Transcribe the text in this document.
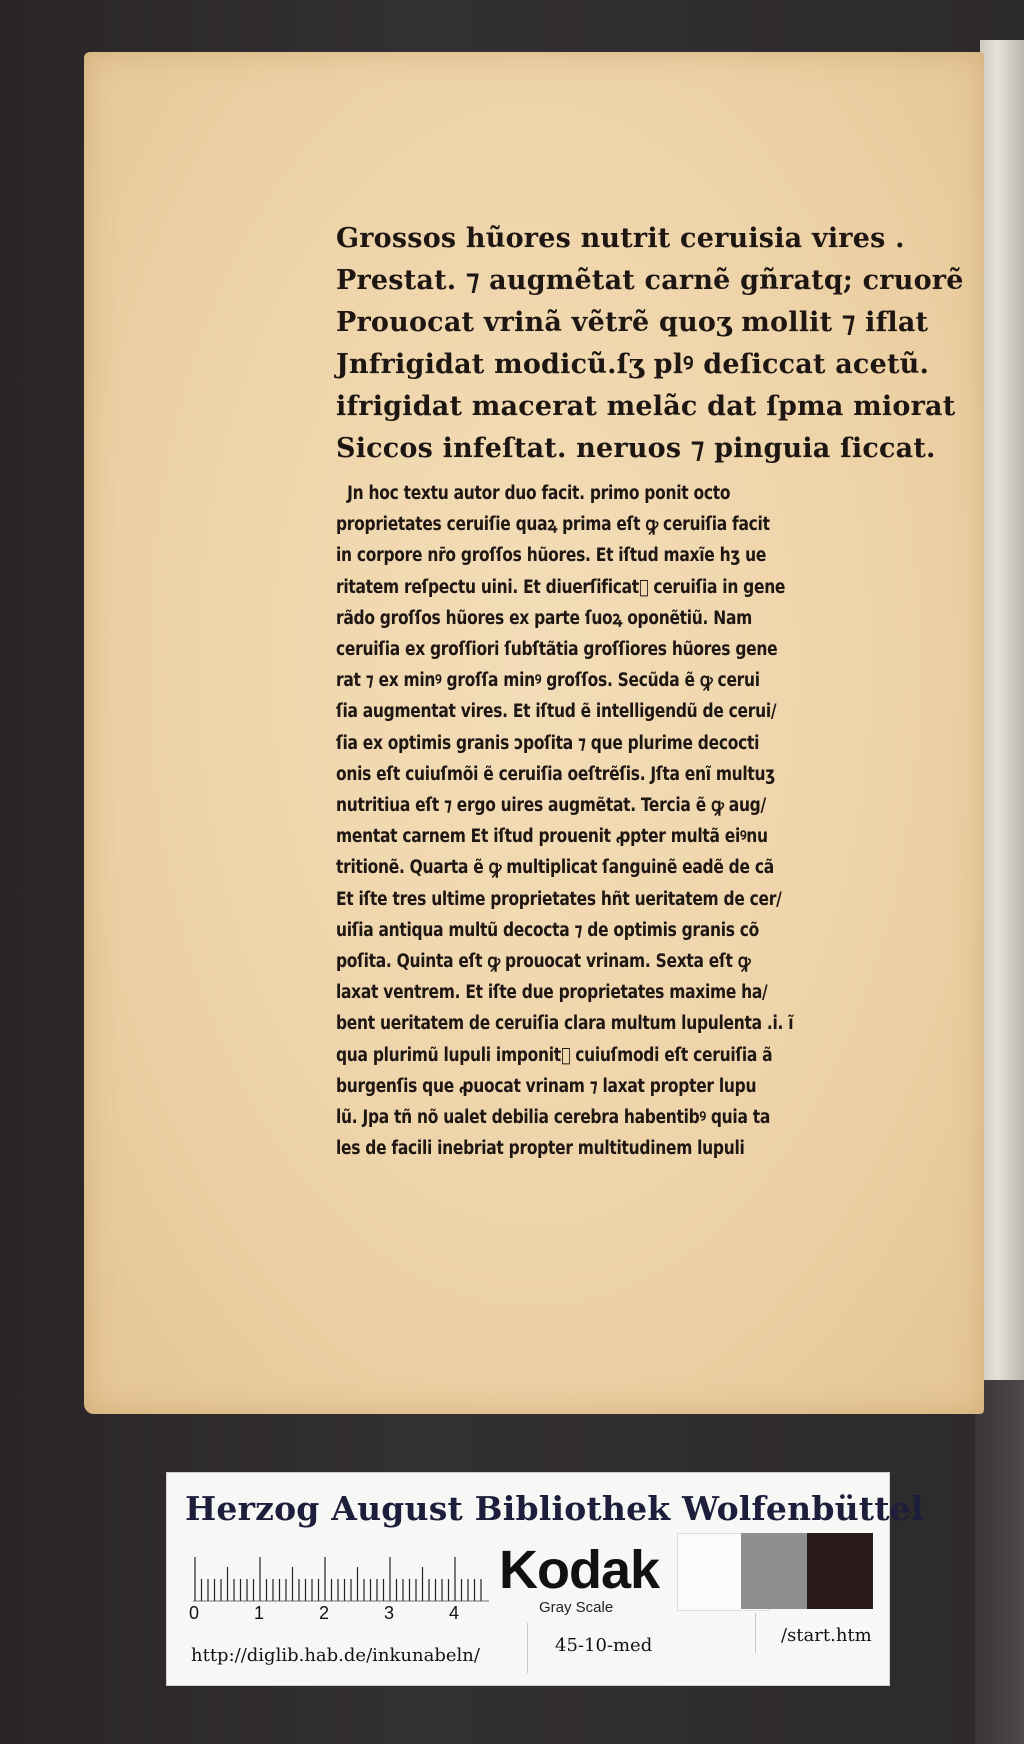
Grossos hũores nutrit ceruisia vires .

Prestat. ⁊ augmẽtat carnẽ gñratq; cruorẽ

Prouocat vrinã vẽtrẽ quoʒ mollit ⁊ iflat

Jnfrigidat modicũ.ſʒ plꝰ deſiccat acetũ.

ifrigidat macerat melãc dat ſpma miorat

Siccos infeſtat. neruos ⁊ pinguia ſiccat.

Jn hoc textu autor duo facit. primo ponit octo

proprietates ceruiſie quaꝝ prima eſt ꝙ ceruiſia facit

in corpore nr̄o groſſos hũores. Et iſtud maxĩe hʒ ue

ritatem reſpectu uini. Et diuerſificatᷣ ceruiſia in gene

rãdo groſſos hũores ex parte ſuoꝝ oponẽtiũ. Nam

ceruiſia ex groſſiori ſubſtãtia groſſiores hũores gene

rat ⁊ ex minꝰ groſſa minꝰ groſſos. Secũda ẽ ꝙ cerui

ſia augmentat vires. Et iſtud ẽ intelligendũ de cerui/

ſia ex optimis granis ɔpoſita ⁊ que plurime decocti

onis eſt cuiuſmõi ẽ ceruiſia oeſtrẽſis. Jſta enĩ multuʒ

nutritiua eſt ⁊ ergo uires augmẽtat. Tercia ẽ ꝙ aug/

mentat carnem Et iſtud prouenit ꝓpter multã eiꝰnu

tritionẽ. Quarta ẽ ꝙ multiplicat ſanguinẽ eadẽ de cã

Et iſte tres ultime proprietates hñt ueritatem de cer/

uiſia antiqua multũ decocta ⁊ de optimis granis cõ

poſita. Quinta eſt ꝙ prouocat vrinam. Sexta eſt ꝙ

laxat ventrem. Et iſte due proprietates maxime ha/

bent ueritatem de ceruiſia clara multum lupulenta .i. ĩ

qua plurimũ lupuli imponitᷣ cuiuſmodi eſt ceruiſia ã

burgenſis que ꝓuocat vrinam ⁊ laxat propter lupu

lũ. Jpa tñ nõ ualet debilia cerebra habentibꝰ quia ta

les de facili inebriat propter multitudinem lupuli

Herzog August Bibliothek Wolfenbüttel
0	1	2	3	4
Kodak
Gray Scale
http://diglib.hab.de/inkunabeln/	45-10-med	/start.htm
